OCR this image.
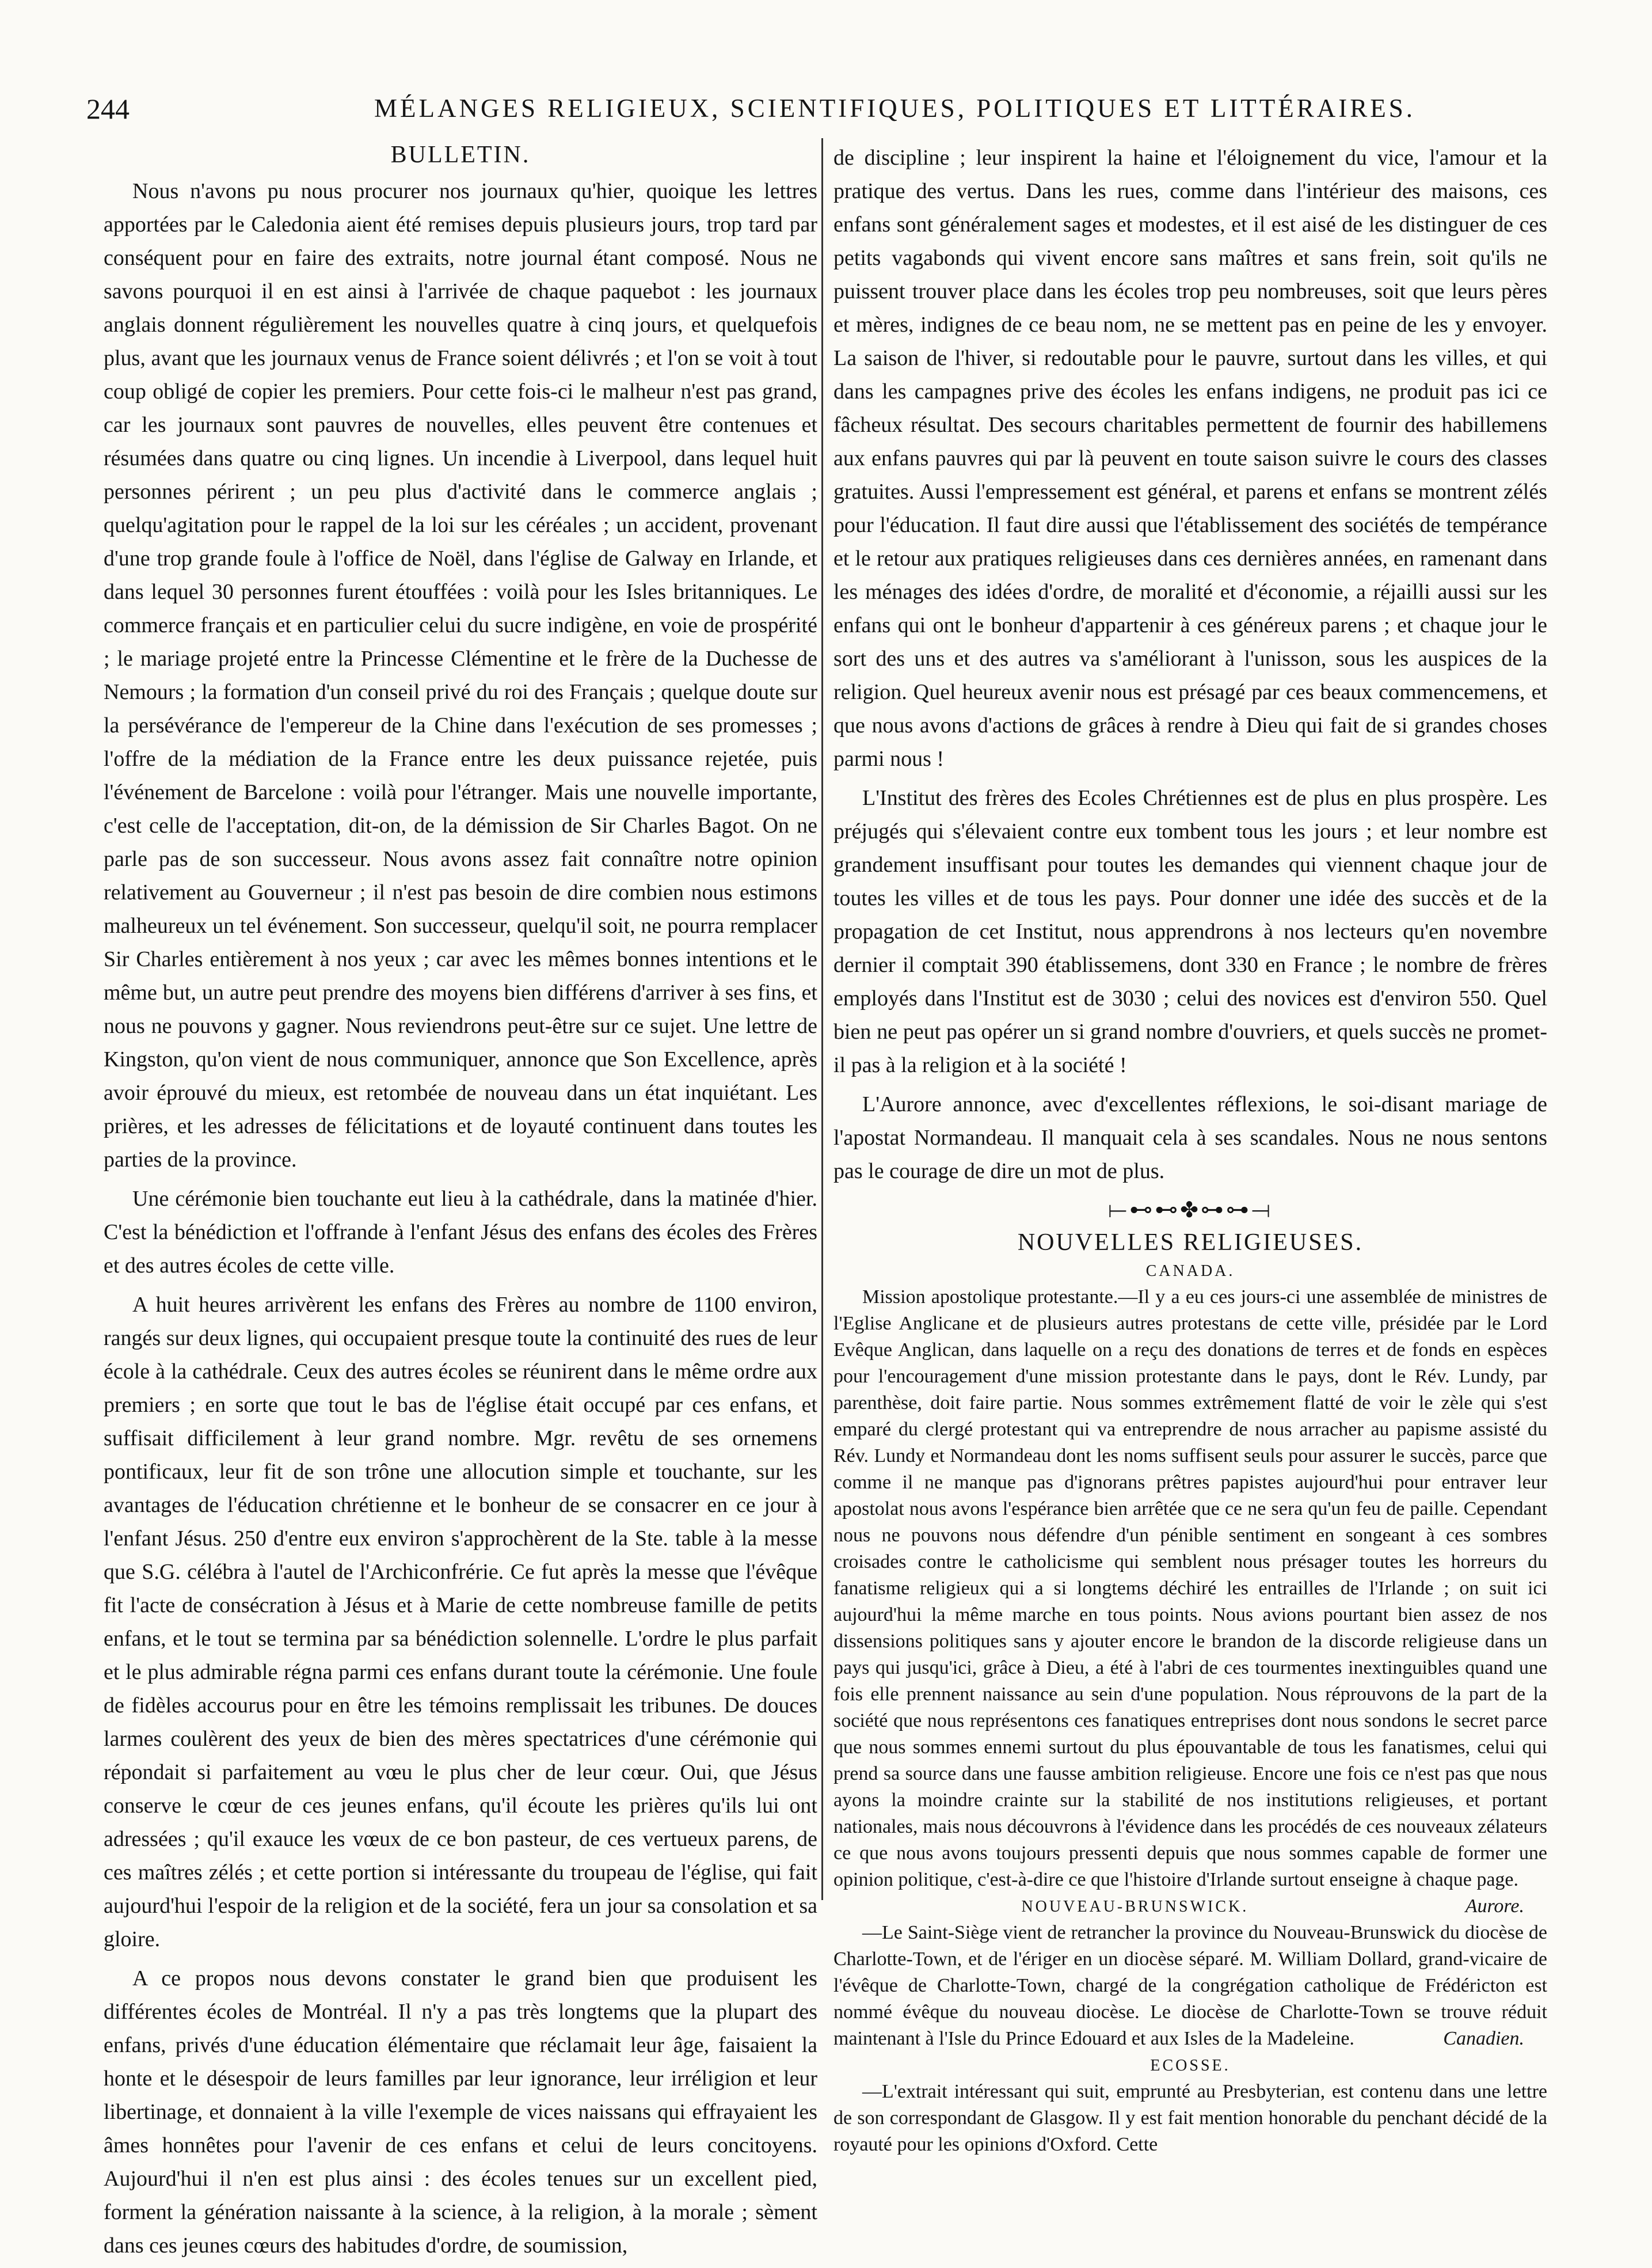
244	MÉLANGES RELIGIEUX, SCIENTIFIQUES, POLITIQUES ET LITTÉRAIRES.
BULLETIN.

Nous n'avons pu nous procurer nos journaux qu'hier, quoique les lettres apportées par le Caledonia aient été remises depuis plusieurs jours, trop tard par conséquent pour en faire des extraits, notre journal étant composé. Nous ne savons pourquoi il en est ainsi à l'arrivée de chaque paquebot : les journaux anglais donnent régulièrement les nouvelles quatre à cinq jours, et quelquefois plus, avant que les journaux venus de France soient délivrés ; et l'on se voit à tout coup obligé de copier les premiers. Pour cette fois-ci le malheur n'est pas grand, car les journaux sont pauvres de nouvelles, elles peuvent être contenues et résumées dans quatre ou cinq lignes. Un incendie à Liverpool, dans lequel huit personnes périrent ; un peu plus d'activité dans le commerce anglais ; quelqu'agitation pour le rappel de la loi sur les céréales ; un accident, provenant d'une trop grande foule à l'office de Noël, dans l'église de Galway en Irlande, et dans lequel 30 personnes furent étouffées : voilà pour les Isles britanniques. Le commerce français et en particulier celui du sucre indigène, en voie de prospérité ; le mariage projeté entre la Princesse Clémentine et le frère de la Duchesse de Nemours ; la formation d'un conseil privé du roi des Français ; quelque doute sur la persévérance de l'empereur de la Chine dans l'exécution de ses promesses ; l'offre de la médiation de la France entre les deux puissance rejetée, puis l'événement de Barcelone : voilà pour l'étranger. Mais une nouvelle importante, c'est celle de l'acceptation, dit-on, de la démission de Sir Charles Bagot. On ne parle pas de son successeur. Nous avons assez fait connaître notre opinion relativement au Gouverneur ; il n'est pas besoin de dire combien nous estimons malheureux un tel événement. Son successeur, quelqu'il soit, ne pourra remplacer Sir Charles entièrement à nos yeux ; car avec les mêmes bonnes intentions et le même but, un autre peut prendre des moyens bien différens d'arriver à ses fins, et nous ne pouvons y gagner. Nous reviendrons peut-être sur ce sujet. Une lettre de Kingston, qu'on vient de nous communiquer, annonce que Son Excellence, après avoir éprouvé du mieux, est retombée de nouveau dans un état inquiétant. Les prières, et les adresses de félicitations et de loyauté continuent dans toutes les parties de la province.

Une cérémonie bien touchante eut lieu à la cathédrale, dans la matinée d'hier. C'est la bénédiction et l'offrande à l'enfant Jésus des enfans des écoles des Frères et des autres écoles de cette ville.

A huit heures arrivèrent les enfans des Frères au nombre de 1100 environ, rangés sur deux lignes, qui occupaient presque toute la continuité des rues de leur école à la cathédrale. Ceux des autres écoles se réunirent dans le même ordre aux premiers ; en sorte que tout le bas de l'église était occupé par ces enfans, et suffisait difficilement à leur grand nombre. Mgr. revêtu de ses ornemens pontificaux, leur fit de son trône une allocution simple et touchante, sur les avantages de l'éducation chrétienne et le bonheur de se consacrer en ce jour à l'enfant Jésus. 250 d'entre eux environ s'approchèrent de la Ste. table à la messe que S.G. célébra à l'autel de l'Archiconfrérie. Ce fut après la messe que l'évêque fit l'acte de consécration à Jésus et à Marie de cette nombreuse famille de petits enfans, et le tout se termina par sa bénédiction solennelle. L'ordre le plus parfait et le plus admirable régna parmi ces enfans durant toute la cérémonie. Une foule de fidèles accourus pour en être les témoins remplissait les tribunes. De douces larmes coulèrent des yeux de bien des mères spectatrices d'une cérémonie qui répondait si parfaitement au vœu le plus cher de leur cœur. Oui, que Jésus conserve le cœur de ces jeunes enfans, qu'il écoute les prières qu'ils lui ont adressées ; qu'il exauce les vœux de ce bon pasteur, de ces vertueux parens, de ces maîtres zélés ; et cette portion si intéressante du troupeau de l'église, qui fait aujourd'hui l'espoir de la religion et de la société, fera un jour sa consolation et sa gloire.

A ce propos nous devons constater le grand bien que produisent les différentes écoles de Montréal. Il n'y a pas très longtems que la plupart des enfans, privés d'une éducation élémentaire que réclamait leur âge, faisaient la honte et le désespoir de leurs familles par leur ignorance, leur irréligion et leur libertinage, et donnaient à la ville l'exemple de vices naissans qui effrayaient les âmes honnêtes pour l'avenir de ces enfans et celui de leurs concitoyens. Aujourd'hui il n'en est plus ainsi : des écoles tenues sur un excellent pied, forment la génération naissante à la science, à la religion, à la morale ; sèment dans ces jeunes cœurs des habitudes d'ordre, de soumission,

de discipline ; leur inspirent la haine et l'éloignement du vice, l'amour et la pratique des vertus. Dans les rues, comme dans l'intérieur des maisons, ces enfans sont généralement sages et modestes, et il est aisé de les distinguer de ces petits vagabonds qui vivent encore sans maîtres et sans frein, soit qu'ils ne puissent trouver place dans les écoles trop peu nombreuses, soit que leurs pères et mères, indignes de ce beau nom, ne se mettent pas en peine de les y envoyer. La saison de l'hiver, si redoutable pour le pauvre, surtout dans les villes, et qui dans les campagnes prive des écoles les enfans indigens, ne produit pas ici ce fâcheux résultat. Des secours charitables permettent de fournir des habillemens aux enfans pauvres qui par là peuvent en toute saison suivre le cours des classes gratuites. Aussi l'empressement est général, et parens et enfans se montrent zélés pour l'éducation. Il faut dire aussi que l'établissement des sociétés de tempérance et le retour aux pratiques religieuses dans ces dernières années, en ramenant dans les ménages des idées d'ordre, de moralité et d'économie, a réjailli aussi sur les enfans qui ont le bonheur d'appartenir à ces généreux parens ; et chaque jour le sort des uns et des autres va s'améliorant à l'unisson, sous les auspices de la religion. Quel heureux avenir nous est présagé par ces beaux commencemens, et que nous avons d'actions de grâces à rendre à Dieu qui fait de si grandes choses parmi nous !

L'Institut des frères des Ecoles Chrétiennes est de plus en plus prospère. Les préjugés qui s'élevaient contre eux tombent tous les jours ; et leur nombre est grandement insuffisant pour toutes les demandes qui viennent chaque jour de toutes les villes et de tous les pays. Pour donner une idée des succès et de la propagation de cet Institut, nous apprendrons à nos lecteurs qu'en novembre dernier il comptait 390 établissemens, dont 330 en France ; le nombre de frères employés dans l'Institut est de 3030 ; celui des novices est d'environ 550. Quel bien ne peut pas opérer un si grand nombre d'ouvriers, et quels succès ne promet-il pas à la religion et à la société !

L'Aurore annonce, avec d'excellentes réflexions, le soi-disant mariage de l'apostat Normandeau. Il manquait cela à ses scandales. Nous ne nous sentons pas le courage de dire un mot de plus.

⟝⊷⊷✤⊶⊶⟞
NOUVELLES RELIGIEUSES.
CANADA.

Mission apostolique protestante.—Il y a eu ces jours-ci une assemblée de ministres de l'Eglise Anglicane et de plusieurs autres protestans de cette ville, présidée par le Lord Evêque Anglican, dans laquelle on a reçu des donations de terres et de fonds en espèces pour l'encouragement d'une mission protestante dans le pays, dont le Rév. Lundy, par parenthèse, doit faire partie. Nous sommes extrêmement flatté de voir le zèle qui s'est emparé du clergé protestant qui va entreprendre de nous arracher au papisme assisté du Rév. Lundy et Normandeau dont les noms suffisent seuls pour assurer le succès, parce que comme il ne manque pas d'ignorans prêtres papistes aujourd'hui pour entraver leur apostolat nous avons l'espérance bien arrêtée que ce ne sera qu'un feu de paille. Cependant nous ne pouvons nous défendre d'un pénible sentiment en songeant à ces sombres croisades contre le catholicisme qui semblent nous présager toutes les horreurs du fanatisme religieux qui a si longtems déchiré les entrailles de l'Irlande ; on suit ici aujourd'hui la même marche en tous points. Nous avions pourtant bien assez de nos dissensions politiques sans y ajouter encore le brandon de la discorde religieuse dans un pays qui jusqu'ici, grâce à Dieu, a été à l'abri de ces tourmentes inextinguibles quand une fois elle prennent naissance au sein d'une population. Nous réprouvons de la part de la société que nous représentons ces fanatiques entreprises dont nous sondons le secret parce que nous sommes ennemi surtout du plus épouvantable de tous les fanatismes, celui qui prend sa source dans une fausse ambition religieuse. Encore une fois ce n'est pas que nous ayons la moindre crainte sur la stabilité de nos institutions religieuses, et portant nationales, mais nous découvrons à l'évidence dans les procédés de ces nouveaux zélateurs ce que nous avons toujours pressenti depuis que nous sommes capable de former une opinion politique, c'est-à-dire ce que l'histoire d'Irlande surtout enseigne à chaque page.
Aurore.

NOUVEAU-BRUNSWICK.

—Le Saint-Siège vient de retrancher la province du Nouveau-Brunswick du diocèse de Charlotte-Town, et de l'ériger en un diocèse séparé. M. William Dollard, grand-vicaire de l'évêque de Charlotte-Town, chargé de la congrégation catholique de Frédéricton est nommé évêque du nouveau diocèse. Le diocèse de Charlotte-Town se trouve réduit maintenant à l'Isle du Prince Edouard et aux Isles de la Madeleine.	Canadien.

ECOSSE.

—L'extrait intéressant qui suit, emprunté au Presbyterian, est contenu dans une lettre de son correspondant de Glasgow. Il y est fait mention honorable du penchant décidé de la royauté pour les opinions d'Oxford. Cette
